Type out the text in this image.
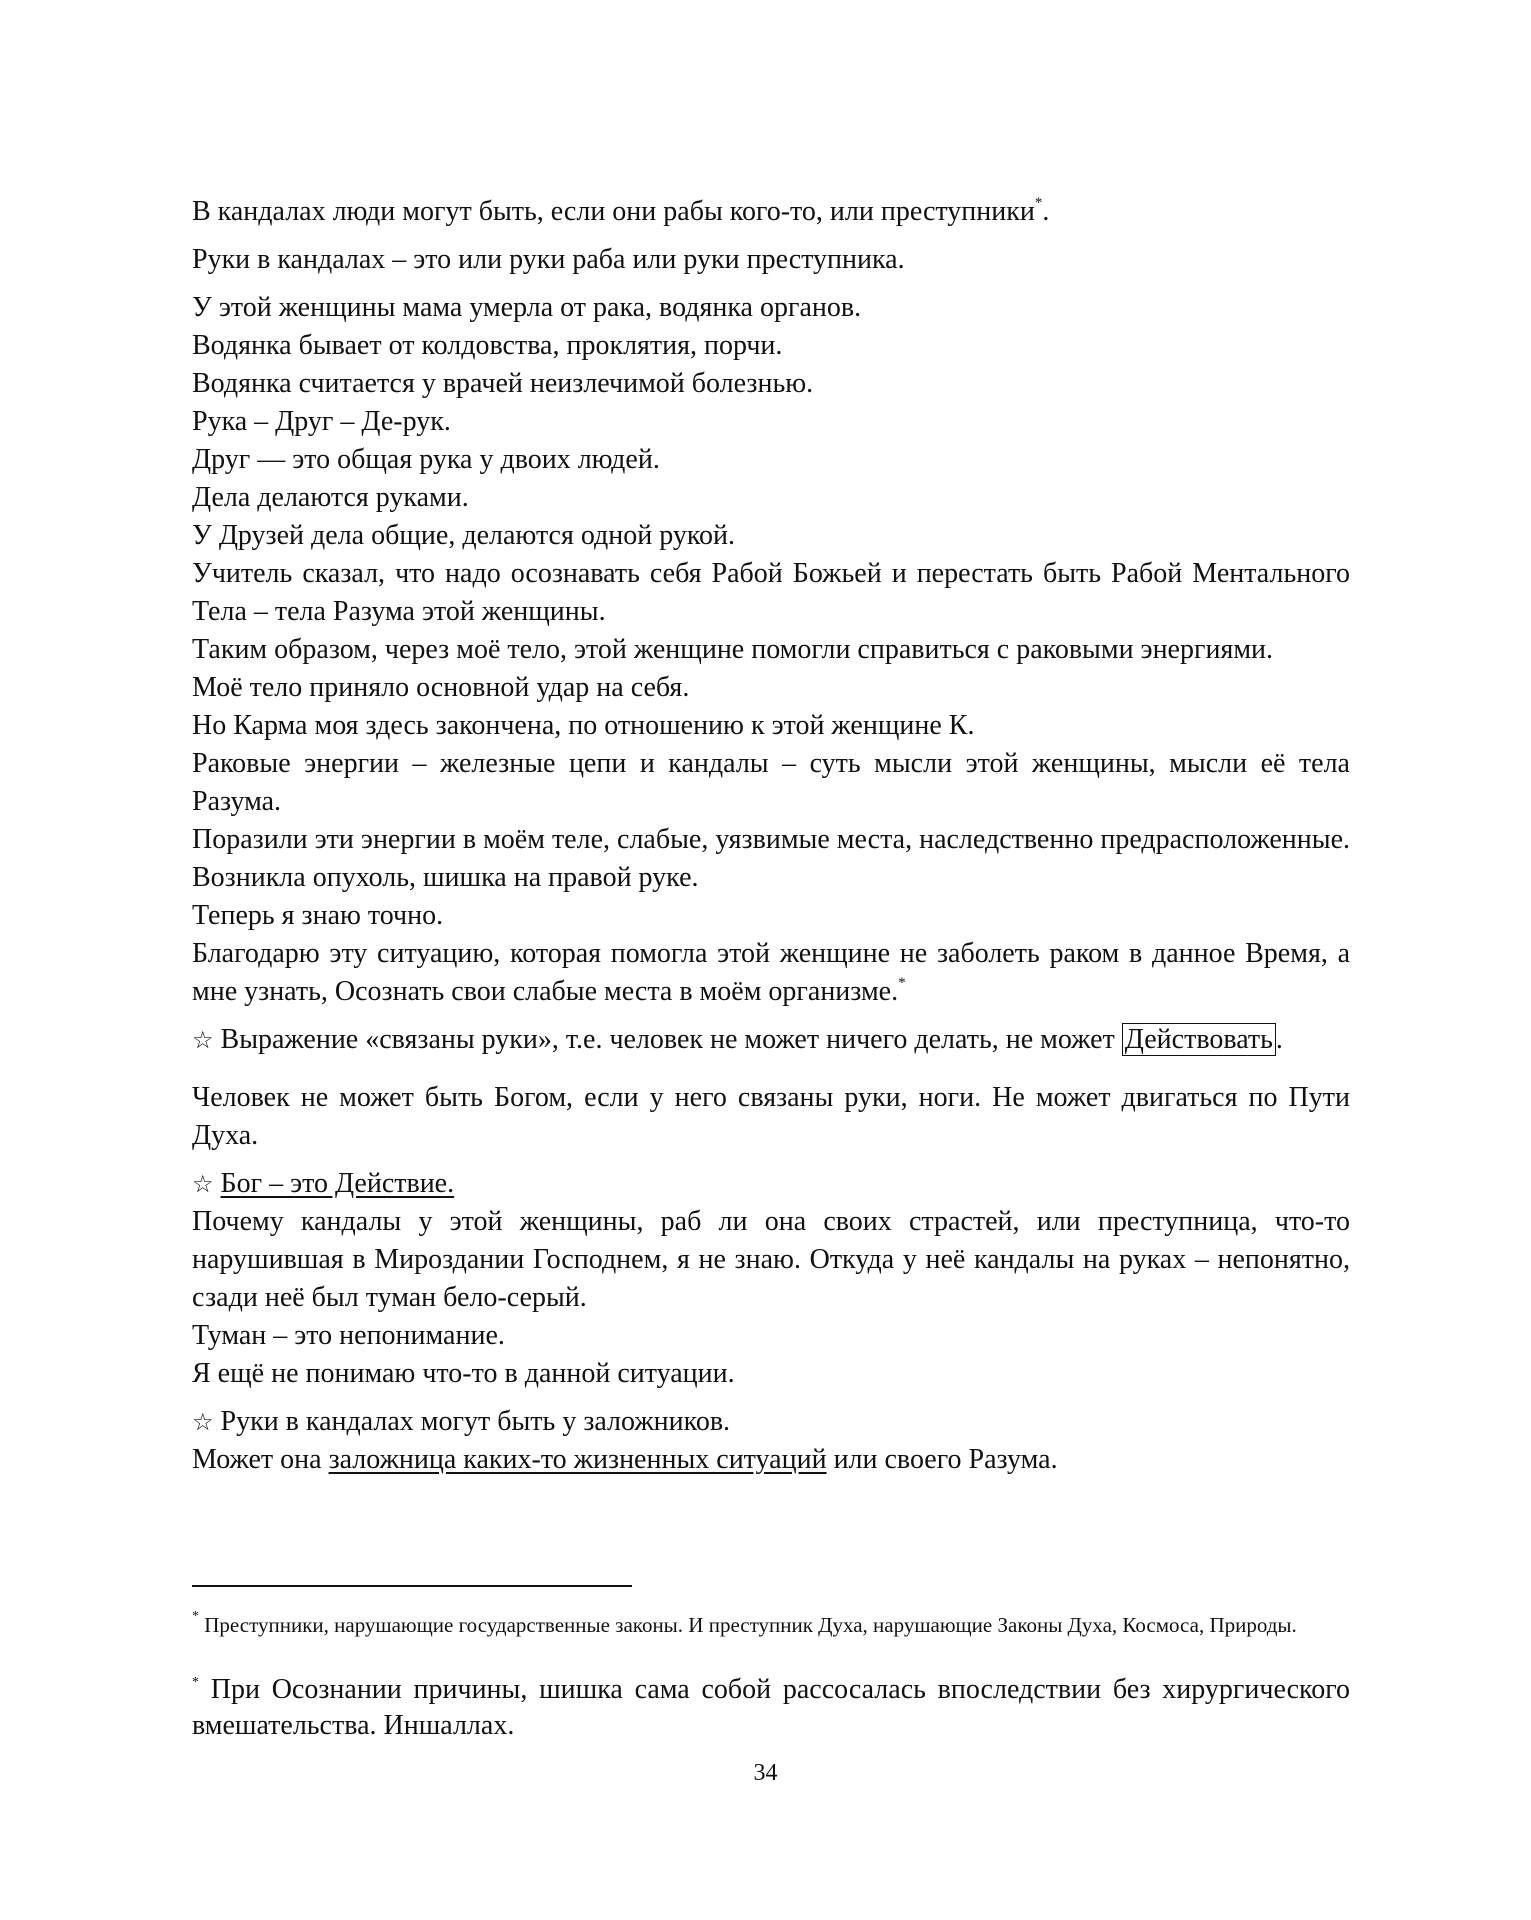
В кандалах люди могут быть, если они рабы кого-то, или преступники*.

Руки в кандалах – это или руки раба или руки преступника.

У этой женщины мама умерла от рака, водянка органов.

Водянка бывает от колдовства, проклятия, порчи.

Водянка считается у врачей неизлечимой болезнью.

Рука – Друг – Де-рук.

Друг — это общая рука у двоих людей.

Дела делаются руками.

У Друзей дела общие, делаются одной рукой.

Учитель сказал, что надо осознавать себя Рабой Божьей и перестать быть Рабой Ментального Тела – тела Разума этой женщины.

Таким образом, через моё тело, этой женщине помогли справиться с раковыми энергиями.

Моё тело приняло основной удар на себя.

Но Карма моя здесь закончена, по отношению к этой женщине К.

Раковые энергии – железные цепи и кандалы – суть мысли этой женщины, мысли её тела Разума.

Поразили эти энергии в моём теле, слабые, уязвимые места, наследственно предрасположенные. Возникла опухоль, шишка на правой руке.

Теперь я знаю точно.

Благодарю эту ситуацию, которая помогла этой женщине не заболеть раком в данное Время, а мне узнать, Осознать свои слабые места в моём организме.*

☆ Выражение «связаны руки», т.е. человек не может ничего делать, не может Действовать .

Человек не может быть Богом, если у него связаны руки, ноги. Не может двигаться по Пути Духа.

☆ Бог – это Действие.

Почему кандалы у этой женщины, раб ли она своих страстей, или преступница, что-то нарушившая в Мироздании Господнем, я не знаю. Откуда у неё кандалы на руках – непонятно, сзади неё был туман бело-серый.

Туман – это непонимание.

Я ещё не понимаю что-то в данной ситуации.

☆ Руки в кандалах могут быть у заложников.

Может она заложница каких-то жизненных ситуаций или своего Разума.

* Преступники, нарушающие государственные законы. И преступник Духа, нарушающие Законы Духа, Космоса, Природы.

* При Осознании причины, шишка сама собой рассосалась впоследствии без хирургического вмешательства. Иншаллах.

34
